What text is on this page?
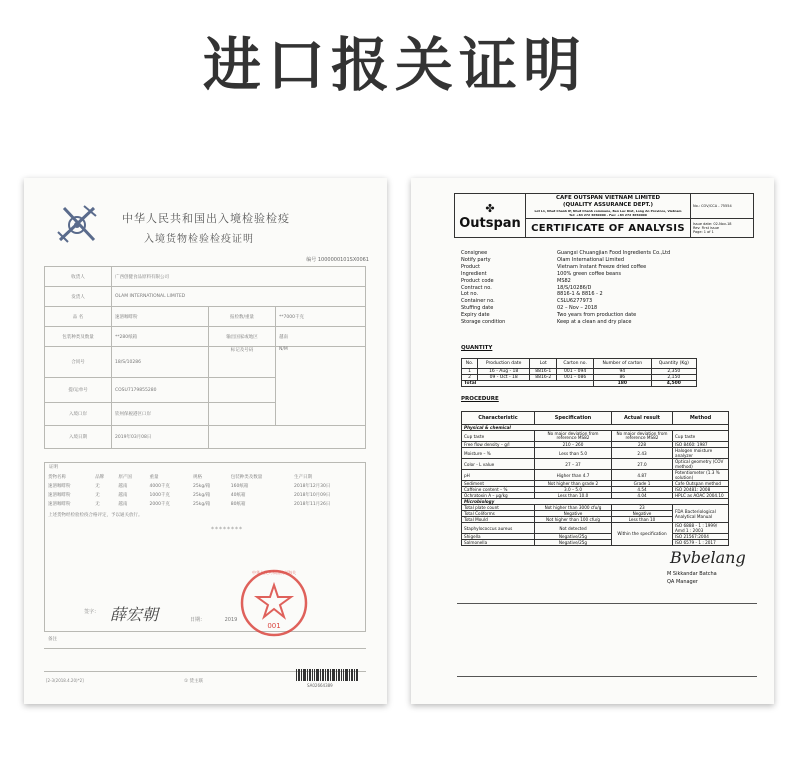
进口报关证明
中华人民共和国出入境检验检疫
入境货物检验检疫证明
编号 1000000101SX0061
收货人	广西创健食品原料有限公司		
发货人	OLAM INTERNATIONAL LIMITED		
品 名	速溶咖啡粉	报检数/重量	**7000千克
包装种类及数量	**280纸箱	输出国家或地区	越南
合同号	18/S/10286	标记及号码	N/M
提/运单号	COSU7179855280		
入境口岸	钦州保税港区口岸		
入境日期	2019年03月08日		
证明
货物名称	品牌	原产国	重量	规格	包装种类及数量	生产日期
速溶咖啡粉	无	越南	4000千克	25kg/箱	160纸箱	2018年12月30日
速溶咖啡粉	无	越南	1000千克	25kg/箱	40纸箱	2018年10月09日
速溶咖啡粉	无	越南	2000千克	25kg/箱	80纸箱	2018年11月26日
上述货物经检验检疫合格评定，予以通关放行。
********
001
中华人民共和国钦州海关
签字： 薛宏朝	日期：	2019
备注
[2-3(2018.4.20)*2]	① 货主联
SA02664389
✤ Outspan	CAFE OUTSPAN VIETNAM LIMITED
(QUALITY ASSURANCE DEPT.)
Lot L1, Nhut Chanh IP, Nhut Chanh commune, Ben Luc Dist, Long An Province, Vietnam
Tel: +84 272 3650000 - Fax: +84 272 3650000	No.: COV/CCA - 75554
	CERTIFICATE OF ANALYSIS	Issue date: 02-Nov-18
Rev: First issue
Page: 1 of 1
Consignee	Guangxi Chuangjian Food Ingredients Co.,Ltd
Notify party	Olam International Limited
Product	Vietnam Instant Freeze dried coffee
Ingredient	100% green coffee beans
Product code	MS82
Contract no.	18/S/10286/D
Lot no.	8816-1 & 8816 - 2
Container no.	CSLU6277973
Stuffing date	02 – Nov – 2018
Expiry date	Two years from production date
Storage condition	Keep at a clean and dry place
QUANTITY
No.	Production date	Lot	Carton no.	Number of carton	Quantity (Kg)
1	16 - Aug - 18	8816-1	001 – 094	94	2,350
2	09 - Oct - 18	8816-2	001 – 086	86	2,150
Total				180	4,500
PROCEDURE
Characteristic	Specification	Actual result	Method
Physical & chemical			
Cup taste	No major deviation from reference MS82	No major deviation from reference MS82	Cup taste
Free flow density – g/l	210 – 260	228	ISO 8460: 1987
Moisture – %	Less than 5.0	2.43	Halogen moisture analyzer
Color - L value	27 – 37	27.0	Optical geometry (COV method)
pH	Higher than 4.7	4.87	Potentiometer (1.3 % solution)
Sediment	Not higher than grade 2	Grade 1	Cafe Outspan method
Caffeine content – %	3.0 – 5.0	4.54	ISO 20481: 2008
Ochratoxin A – µg/kg	Less than 10.0	4.04	HPLC as AOAC 2004.10
Microbiology			
Total plate count	Not higher than 3000 cfu/g	23	FDA Bacteriological Analytical Manual
Total Coliforms	Negative	Negative	
Total Mould	Not higher than 100 cfu/g	Less than 10	
Staphylococcus aureus	Not detected	Within the specification	ISO 6888 - 1 : 1999/ Amd 1 : 2003
Shigella	Negative/25g		ISO 21567:2004
Salmonella	Negative/25g		ISO 6579 - 1 : 2017
Bvbelang
M Sikkandar Batcha
QA Manager
